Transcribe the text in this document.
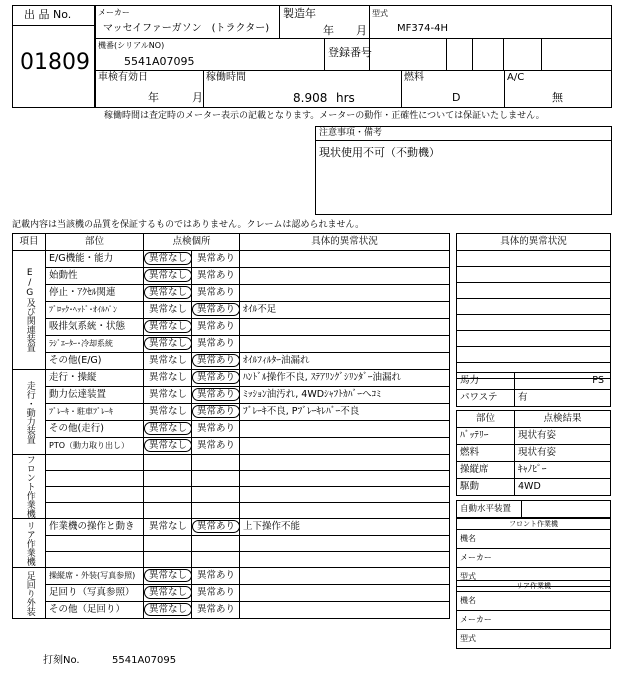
出 品 No.
01809
メーカー
マッセイファーガソン　(トラクター)
製造年
年　　月
型式
MF374-4H
機番(シリアルNO)
5541A07095
登録番号
車検有効日
年　　　月
稼働時間
8.908 hrs
燃料
D
A/C
無
稼働時間は査定時のメーター表示の記載となります。メーターの動作・正確性については保証いたしません。
注意事項・備考
現状使用不可（不動機）
記載内容は当該機の品質を保証するものではありません。クレームは認められません。
項目	部位	点検個所		具体的異常状況

E/G及び関連装置	E/G機能・能力	異常なし	異常あり	
	始動性	異常なし	異常あり	
	停止・ｱｸｾﾙ関連	異常なし	異常あり	
	ﾌﾞﾛｯｸ･ﾍｯﾄﾞ･ｵｲﾙﾊﾟﾝ	異常なし	異常あり	ｵｲﾙ不足
	吸排気系統・状態	異常なし	異常あり	
	ﾗｼﾞｴｰﾀｰ･冷却系統	異常なし	異常あり	
	その他(E/G)	異常なし	異常あり	ｵｲﾙﾌｨﾙﾀｰ油漏れ

走行・動力装置	走行・操縦	異常なし	異常あり	ﾊﾝﾄﾞﾙ操作不良, ｽﾃｱﾘﾝｸﾞｼﾘﾝﾀﾞｰ油漏れ
	動力伝達装置	異常なし	異常あり	ﾐｯｼｮﾝ油汚れ, 4WDｼｬﾌﾄｶﾊﾞｰへｺﾐ
	ﾌﾞﾚｰｷ・駐車ﾌﾞﾚｰｷ	異常なし	異常あり	ﾌﾞﾚｰｷ不良, Pﾌﾞﾚｰｷﾚﾊﾞｰ不良
	その他(走行)	異常なし	異常あり	
	PTO（動力取り出し）	異常なし	異常あり	

フロント作業機				

リア作業機	作業機の操作と動き	異常なし	異常あり	上下操作不能

足回り外装	操縦席・外装(写真参照)	異常なし	異常あり	
	足回り（写真参照）	異常なし	異常あり	
	その他（足回り）	異常なし	異常あり	
具体的異常状況

馬力	PS
パワステ	有
部位	点検結果
ﾊﾞｯﾃﾘｰ	現状有姿
燃料	現状有姿
操縦席	ｷｬﾉﾋﾟｰ
駆動	4WD
自動水平装置	
フロント作業機
機名
メーカー
型式
リア作業機
機名
メーカー
型式
打刻No.	5541A07095
